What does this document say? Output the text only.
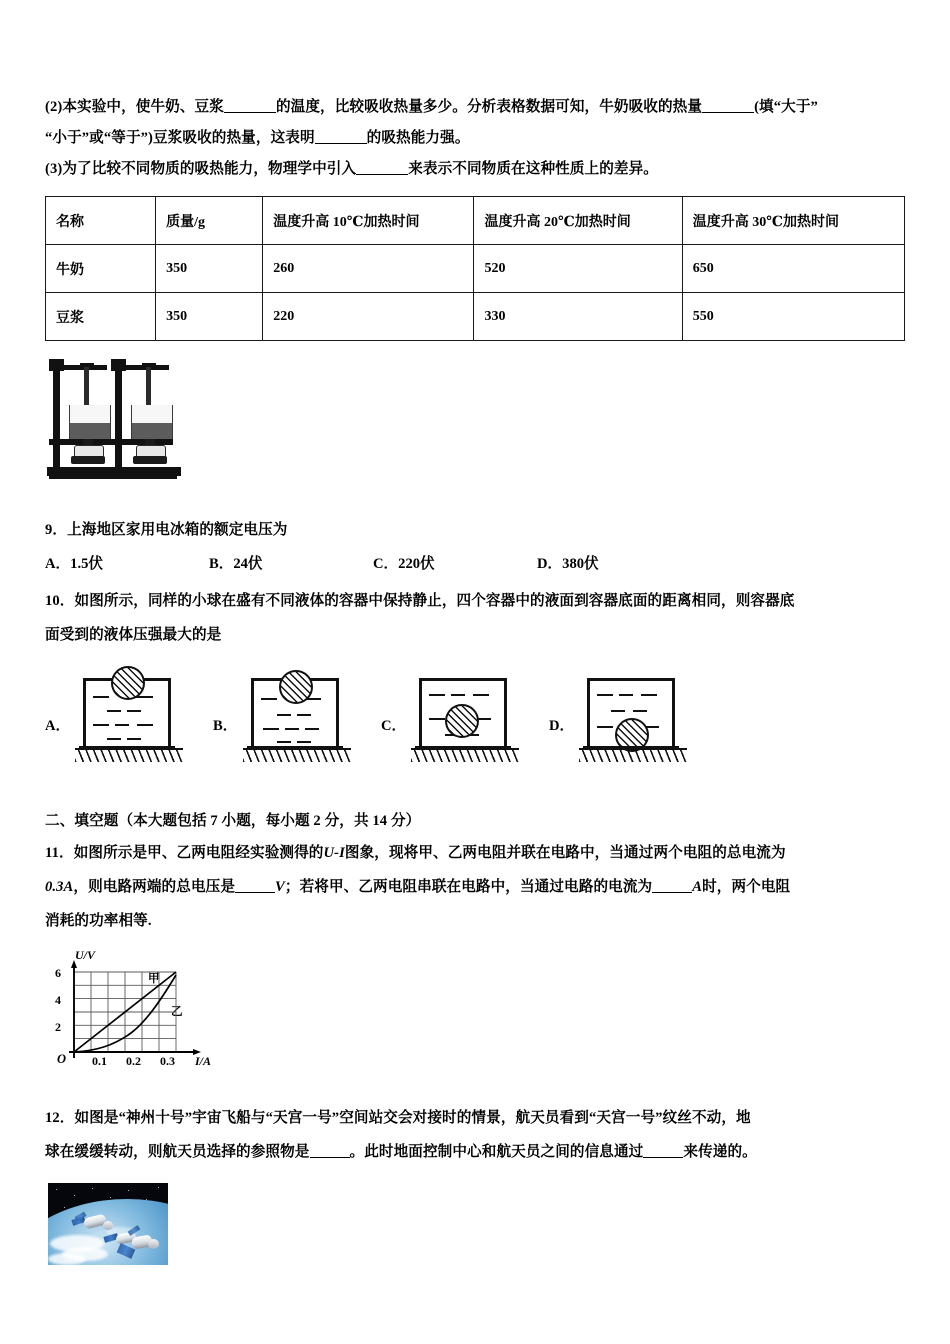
(2)本实验中，使牛奶、豆浆	的温度，比较吸收热量多少。分析表格数据可知，牛奶吸收的热量	(填“大于”

“小于”或“等于”)豆浆吸收的热量，这表明	的吸热能力强。

(3)为了比较不同物质的吸热能力，物理学中引入	来表示不同物质在这种性质上的差异。

名称	质量/g	温度升高 10℃加热时间	温度升高 20℃加热时间	温度升高 30℃加热时间
牛奶	350	260	520	650
豆浆	350	220	330	550

9．上海地区家用电冰箱的额定电压为

A．1.5伏	B．24伏	C．220伏	D．380伏

10．如图所示，同样的小球在盛有不同液体的容器中保持静止，四个容器中的液面到容器底面的距离相同，则容器底

面受到的液体压强最大的是

A．	B．	C．	D．

二、填空题（本大题包括 7 小题，每小题 2 分，共 14 分）

11．如图所示是甲、乙两电阻经实验测得的U-I图象，现将甲、乙两电阻并联在电路中，当通过两个电阻的总电流为

0.3A，则电路两端的总电压是	V；若将甲、乙两电阻串联在电路中，当通过电路的电流为	A时，两个电阻

消耗的功率相等.

U/V
I/A
O
6
4
2
0.1 0.2 0.3
甲
乙

12．如图是“神州十号”宇宙飞船与“天宫一号”空间站交会对接时的情景，航天员看到“天宫一号”纹丝不动，地

球在缓缓转动，则航天员选择的参照物是	。此时地面控制中心和航天员之间的信息通过	来传递的。
